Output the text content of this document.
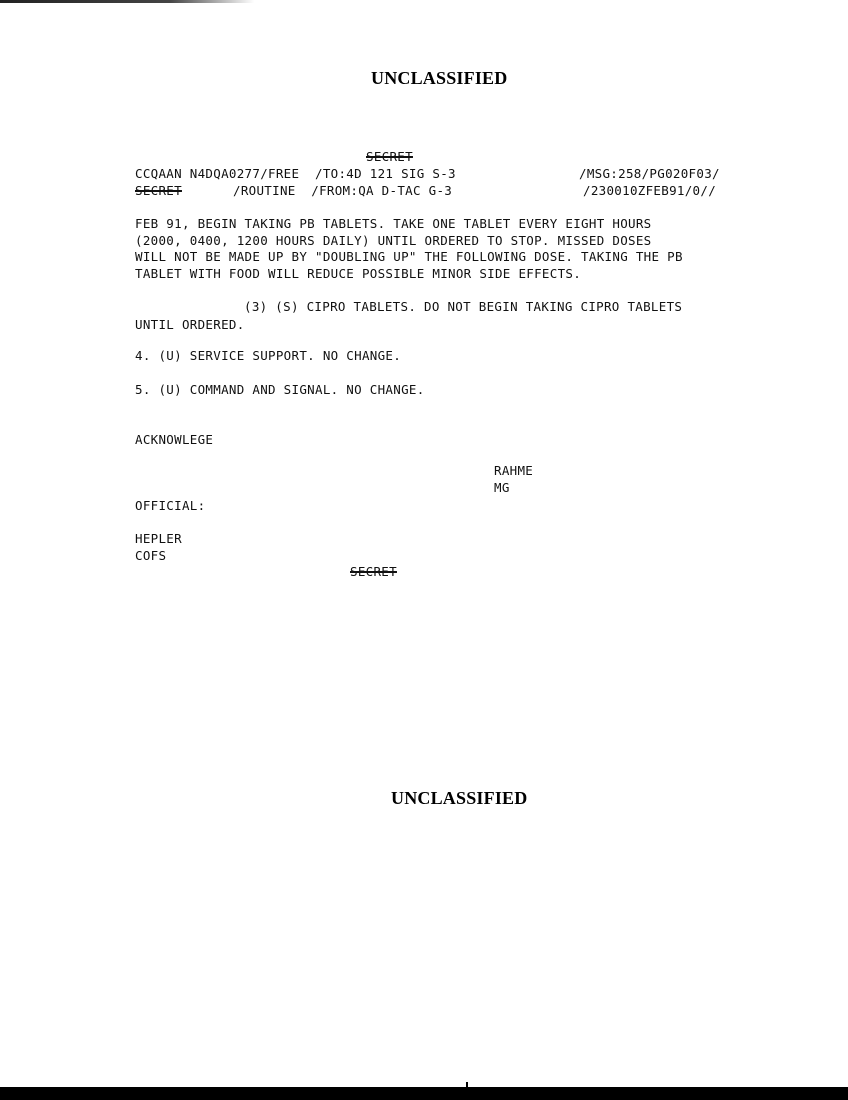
UNCLASSIFIED
SECRET
CCQAAN N4DQA0277/FREE  /TO:4D 121 SIG S-3	/MSG:258/PG020F03/
SECRET	/ROUTINE  /FROM:QA D-TAC G-3	/230010ZFEB91/0//
FEB 91, BEGIN TAKING PB TABLETS. TAKE ONE TABLET EVERY EIGHT HOURS
(2000, 0400, 1200 HOURS DAILY) UNTIL ORDERED TO STOP. MISSED DOSES
WILL NOT BE MADE UP BY "DOUBLING UP" THE FOLLOWING DOSE. TAKING THE PB
TABLET WITH FOOD WILL REDUCE POSSIBLE MINOR SIDE EFFECTS.
(3) (S) CIPRO TABLETS. DO NOT BEGIN TAKING CIPRO TABLETS
UNTIL ORDERED.
4. (U) SERVICE SUPPORT. NO CHANGE.
5. (U) COMMAND AND SIGNAL. NO CHANGE.
ACKNOWLEGE
RAHME
MG
OFFICIAL:
HEPLER
COFS
SECRET
UNCLASSIFIED
